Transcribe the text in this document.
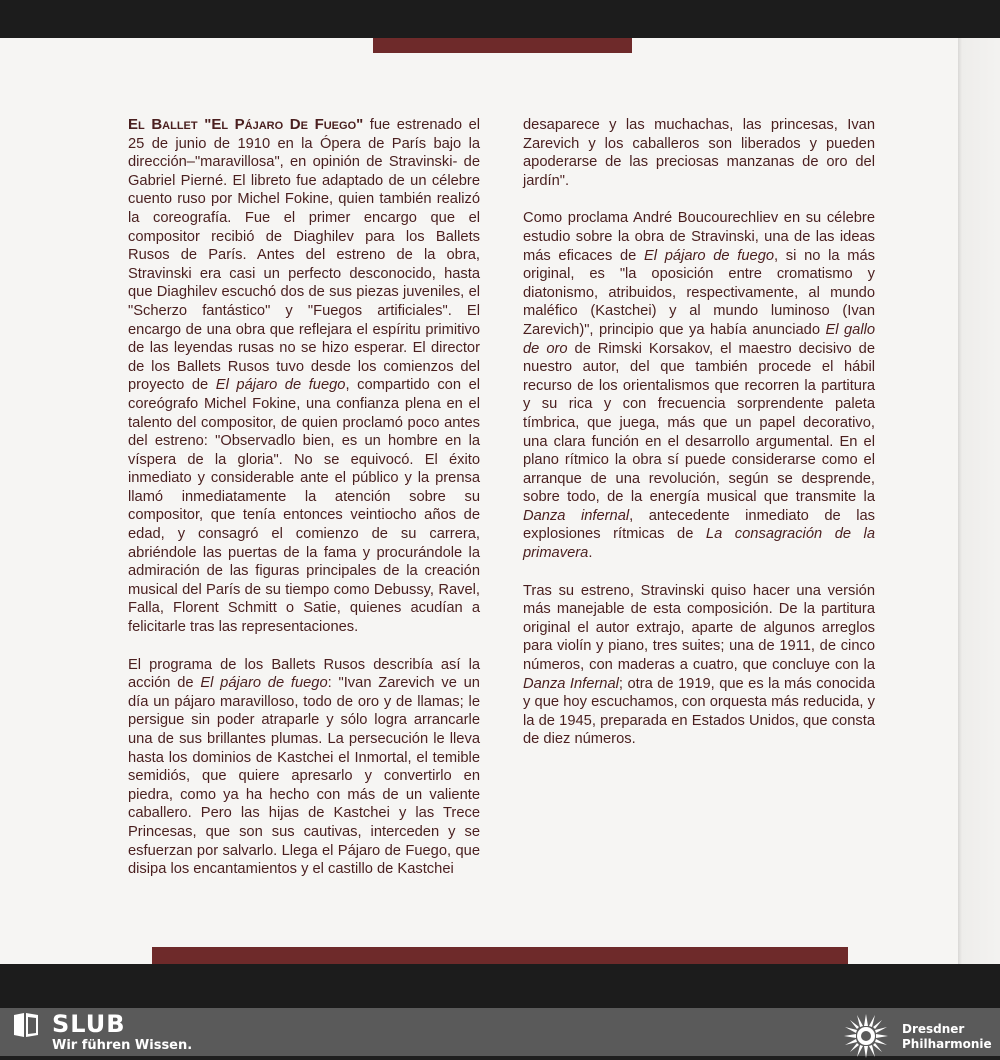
El Ballet "El Pájaro De Fuego" fue estrenado el 25 de junio de 1910 en la Ópera de París bajo la dirección–"maravillosa", en opinión de Stravinski- de Gabriel Pierné. El libreto fue adaptado de un célebre cuento ruso por Michel Fokine, quien también realizó la coreografía. Fue el primer encargo que el compositor recibió de Diaghilev para los Ballets Rusos de París. Antes del estreno de la obra, Stravinski era casi un perfecto desconocido, hasta que Diaghilev escuchó dos de sus piezas juveniles, el "Scherzo fantástico" y "Fuegos artificiales". El encargo de una obra que reflejara el espíritu primitivo de las leyendas rusas no se hizo esperar. El director de los Ballets Rusos tuvo desde los comienzos del proyecto de El pájaro de fuego, compartido con el coreógrafo Michel Fokine, una confianza plena en el talento del compositor, de quien proclamó poco antes del estreno: "Observadlo bien, es un hombre en la víspera de la gloria". No se equivocó. El éxito inmediato y considerable ante el público y la prensa llamó inmediatamente la atención sobre su compositor, que tenía entonces veintiocho años de edad, y consagró el comienzo de su carrera, abriéndole las puertas de la fama y procurándole la admiración de las figuras principales de la creación musical del París de su tiempo como Debussy, Ravel, Falla, Florent Schmitt o Satie, quienes acudían a felicitarle tras las representaciones.

El programa de los Ballets Rusos describía así la acción de El pájaro de fuego: "Ivan Zarevich ve un día un pájaro maravilloso, todo de oro y de llamas; le persigue sin poder atraparle y sólo logra arrancarle una de sus brillantes plumas. La persecución le lleva hasta los dominios de Kastchei el Inmortal, el temible semidiós, que quiere apresarlo y convertirlo en piedra, como ya ha hecho con más de un valiente caballero. Pero las hijas de Kastchei y las Trece Princesas, que son sus cautivas, interceden y se esfuerzan por salvarlo. Llega el Pájaro de Fuego, que disipa los encantamientos y el castillo de Kastchei

desaparece y las muchachas, las princesas, Ivan Zarevich y los caballeros son liberados y pueden apoderarse de las preciosas manzanas de oro del jardín".

Como proclama André Boucourechliev en su célebre estudio sobre la obra de Stravinski, una de las ideas más eficaces de El pájaro de fuego, si no la más original, es "la oposición entre cromatismo y diatonismo, atribuidos, respectivamente, al mundo maléfico (Kastchei) y al mundo luminoso (Ivan Zarevich)", principio que ya había anunciado El gallo de oro de Rimski Korsakov, el maestro decisivo de nuestro autor, del que también procede el hábil recurso de los orientalismos que recorren la partitura y su rica y con frecuencia sorprendente paleta tímbrica, que juega, más que un papel decorativo, una clara función en el desarrollo argumental. En el plano rítmico la obra sí puede considerarse como el arranque de una revolución, según se desprende, sobre todo, de la energía musical que transmite la Danza infernal, antecedente inmediato de las explosiones rítmicas de La consagración de la primavera.

Tras su estreno, Stravinski quiso hacer una versión más manejable de esta composición. De la partitura original el autor extrajo, aparte de algunos arreglos para violín y piano, tres suites; una de 1911, de cinco números, con maderas a cuatro, que concluye con la Danza Infernal; otra de 1919, que es la más conocida y que hoy escuchamos, con orquesta más reducida, y la de 1945, preparada en Estados Unidos, que consta de diez números.

SLUB
Wir führen Wissen.
Dresdner
Philharmonie
